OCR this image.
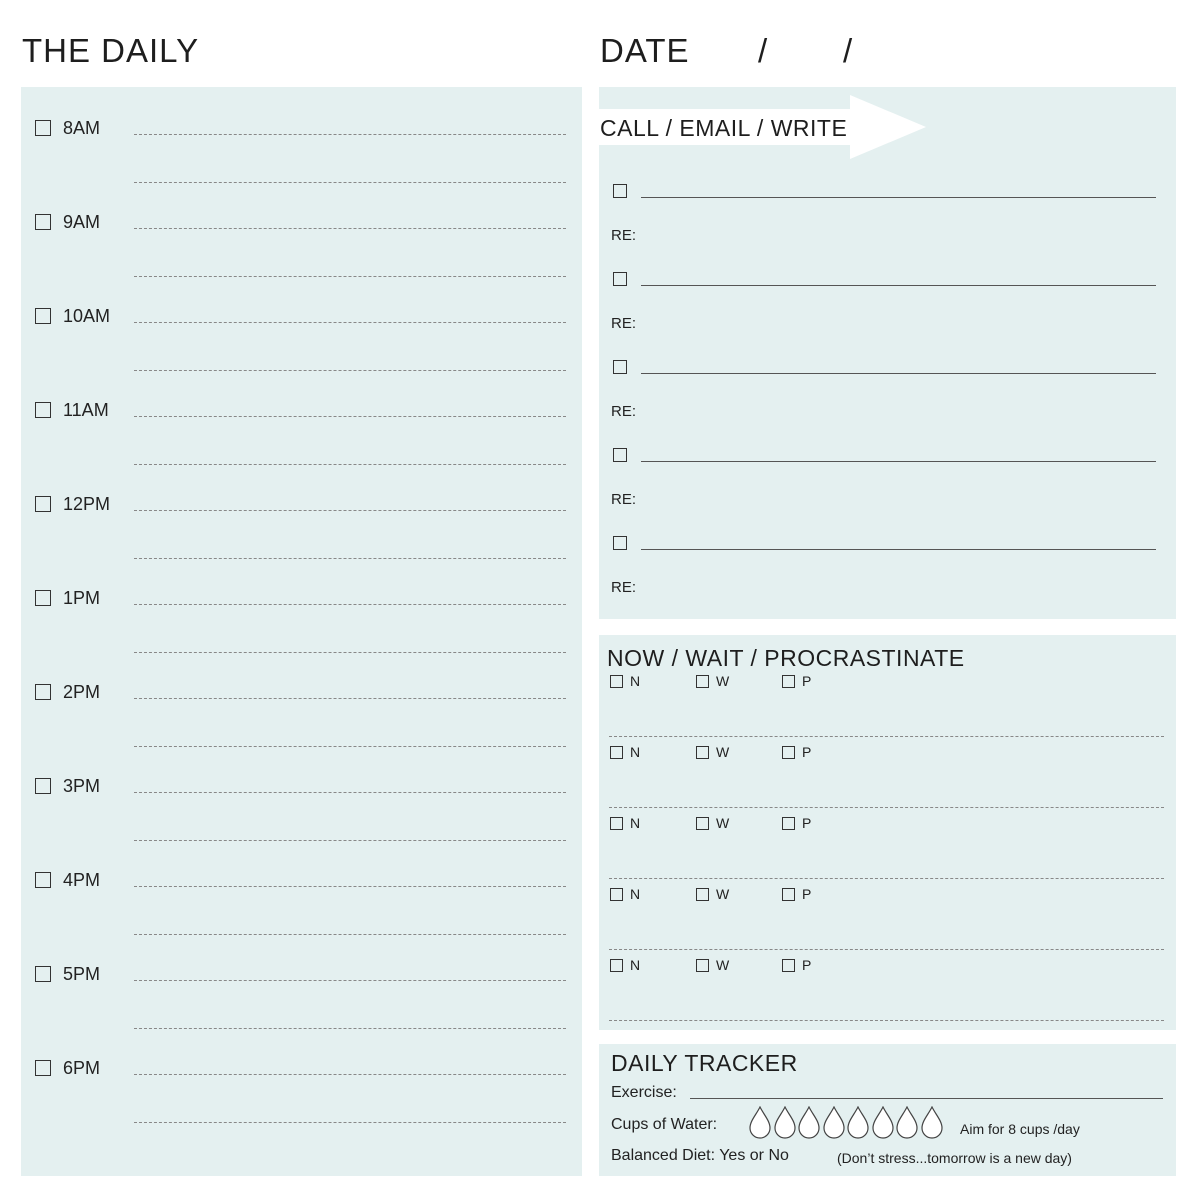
THE DAILY	DATE / /
8AM
9AM
10AM
11AM
12PM
1PM
2PM
3PM
4PM
5PM
6PM
CALL / EMAIL / WRITE
RE:
RE:
RE:
RE:
RE:
NOW / WAIT / PROCRASTINATE
N	W	P
N	W	P
N	W	P
N	W	P
N	W	P
DAILY TRACKER
Exercise:
Cups of Water:	Aim for 8 cups /day
Balanced Diet: Yes or No	(Don’t stress...tomorrow is a new day)
